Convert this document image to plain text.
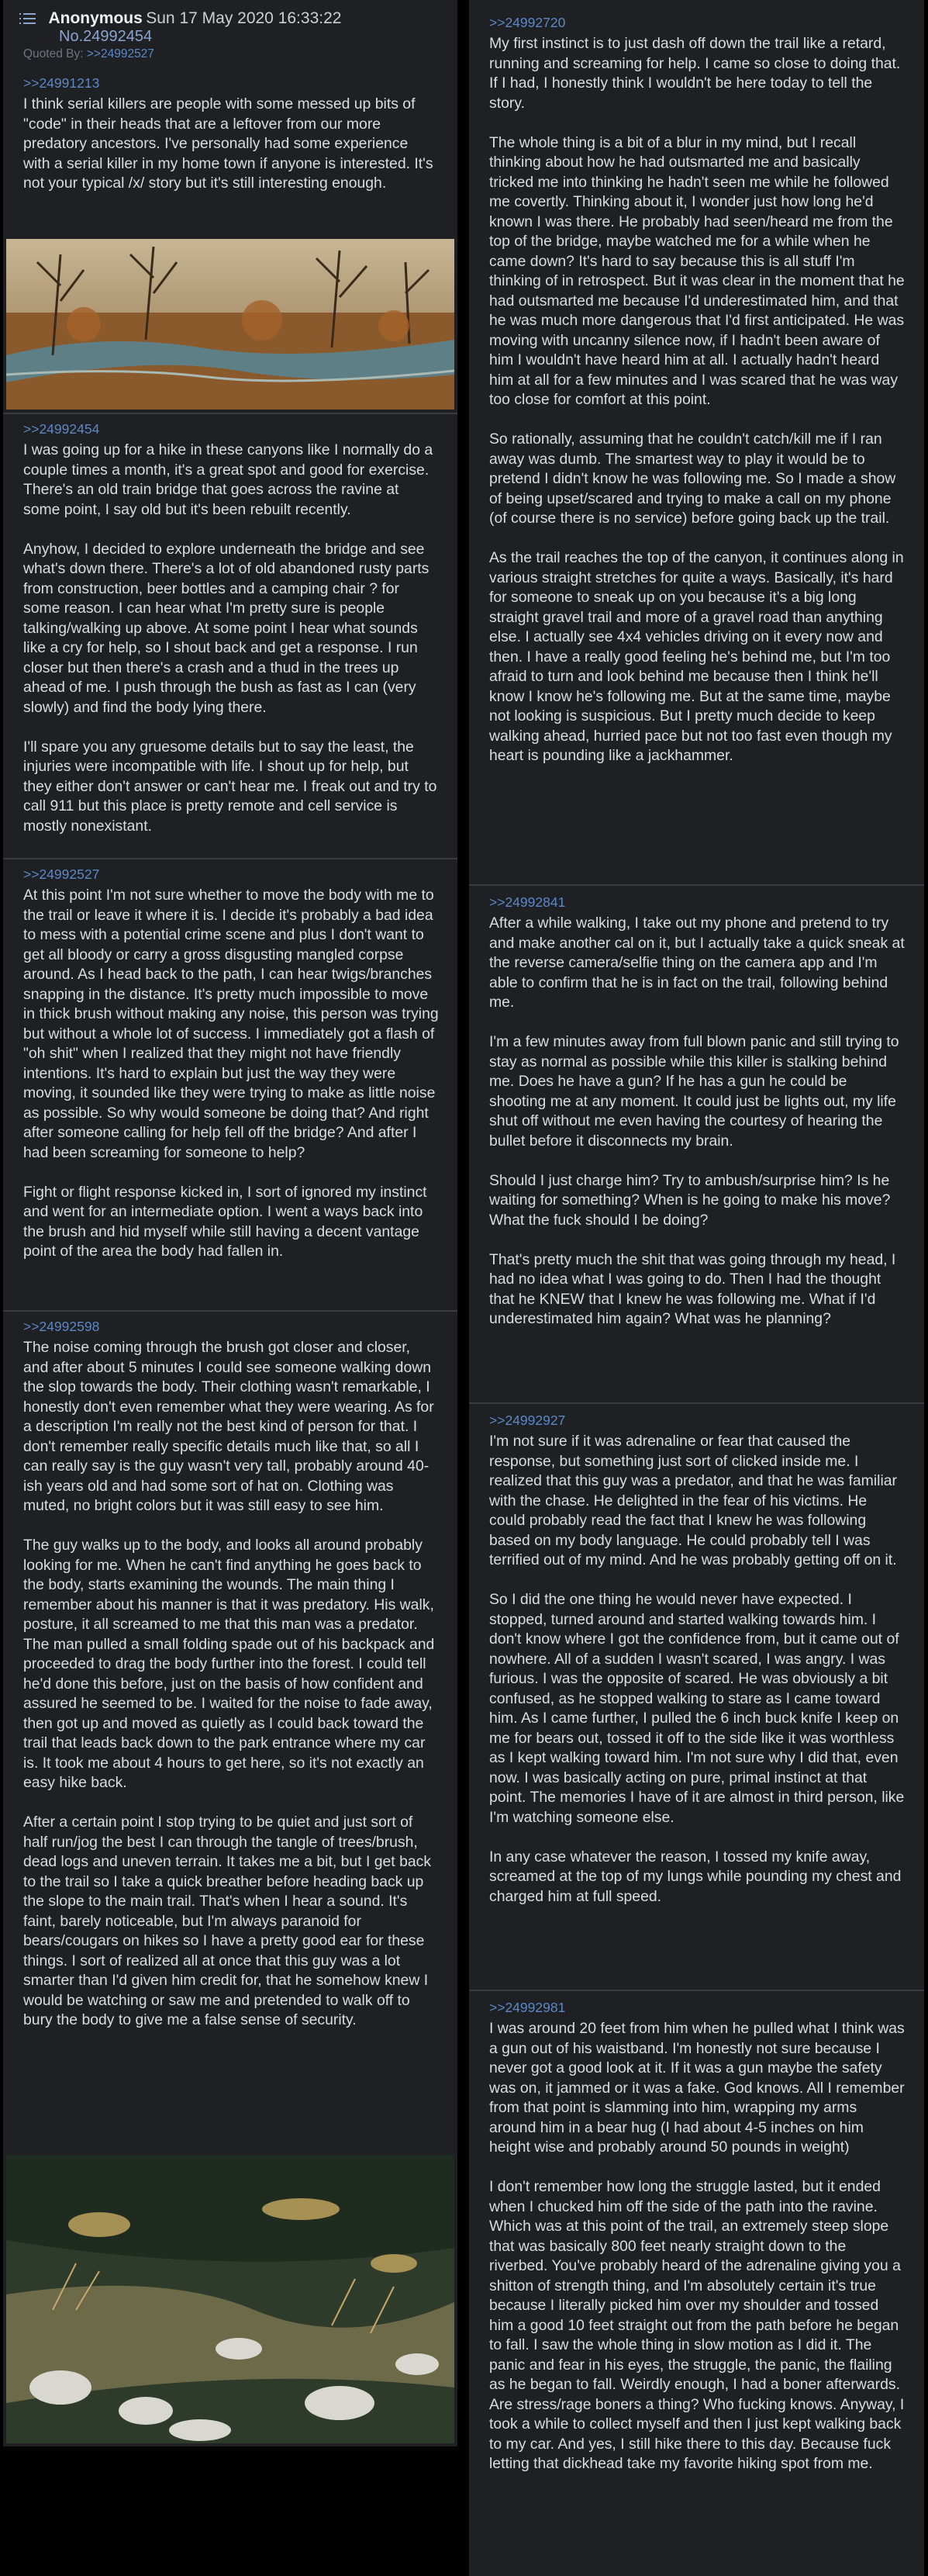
Anonymous Sun 17 May 2020 16:33:22
No.24992454
Quoted By: >>24992527
>>24991213
I think serial killers are people with some messed up bits of "code" in their heads that are a leftover from our more predatory ancestors. I've personally had some experience with a serial killer in my home town if anyone is interested. It's not your typical /x/ story but it's still interesting enough.
>>24992454
I was going up for a hike in these canyons like I normally do a couple times a month, it's a great spot and good for exercise. There's an old train bridge that goes across the ravine at some point, I say old but it's been rebuilt recently.

Anyhow, I decided to explore underneath the bridge and see what's down there. There's a lot of old abandoned rusty parts from construction, beer bottles and a camping chair ? for some reason. I can hear what I'm pretty sure is people talking/walking up above. At some point I hear what sounds like a cry for help, so I shout back and get a response. I run closer but then there's a crash and a thud in the trees up ahead of me. I push through the bush as fast as I can (very slowly) and find the body lying there.

I'll spare you any gruesome details but to say the least, the injuries were incompatible with life. I shout up for help, but they either don't answer or can't hear me. I freak out and try to call 911 but this place is pretty remote and cell service is mostly nonexistant.
>>24992527
At this point I'm not sure whether to move the body with me to the trail or leave it where it is. I decide it's probably a bad idea to mess with a potential crime scene and plus I don't want to get all bloody or carry a gross disgusting mangled corpse around. As I head back to the path, I can hear twigs/branches snapping in the distance. It's pretty much impossible to move in thick brush without making any noise, this person was trying but without a whole lot of success. I immediately got a flash of "oh shit" when I realized that they might not have friendly intentions. It's hard to explain but just the way they were moving, it sounded like they were trying to make as little noise as possible. So why would someone be doing that? And right after someone calling for help fell off the bridge? And after I had been screaming for someone to help?

Fight or flight response kicked in, I sort of ignored my instinct and went for an intermediate option. I went a ways back into the brush and hid myself while still having a decent vantage point of the area the body had fallen in.
>>24992598
The noise coming through the brush got closer and closer, and after about 5 minutes I could see someone walking down the slop towards the body. Their clothing wasn't remarkable, I honestly don't even remember what they were wearing. As for a description I'm really not the best kind of person for that. I don't remember really specific details much like that, so all I can really say is the guy wasn't very tall, probably around 40-ish years old and had some sort of hat on. Clothing was muted, no bright colors but it was still easy to see him.

The guy walks up to the body, and looks all around probably looking for me. When he can't find anything he goes back to the body, starts examining the wounds. The main thing I remember about his manner is that it was predatory. His walk, posture, it all screamed to me that this man was a predator. The man pulled a small folding spade out of his backpack and proceeded to drag the body further into the forest. I could tell he'd done this before, just on the basis of how confident and assured he seemed to be. I waited for the noise to fade away, then got up and moved as quietly as I could back toward the trail that leads back down to the park entrance where my car is. It took me about 4 hours to get here, so it's not exactly an easy hike back.

After a certain point I stop trying to be quiet and just sort of half run/jog the best I can through the tangle of trees/brush, dead logs and uneven terrain. It takes me a bit, but I get back to the trail so I take a quick breather before heading back up the slope to the main trail. That's when I hear a sound. It's faint, barely noticeable, but I'm always paranoid for bears/cougars on hikes so I have a pretty good ear for these things. I sort of realized all at once that this guy was a lot smarter than I'd given him credit for, that he somehow knew I would be watching or saw me and pretended to walk off to bury the body to give me a false sense of security.
>>24992720
My first instinct is to just dash off down the trail like a retard, running and screaming for help. I came so close to doing that. If I had, I honestly think I wouldn't be here today to tell the story.

The whole thing is a bit of a blur in my mind, but I recall thinking about how he had outsmarted me and basically tricked me into thinking he hadn't seen me while he followed me covertly. Thinking about it, I wonder just how long he'd known I was there. He probably had seen/heard me from the top of the bridge, maybe watched me for a while when he came down? It's hard to say because this is all stuff I'm thinking of in retrospect. But it was clear in the moment that he had outsmarted me because I'd underestimated him, and that he was much more dangerous that I'd first anticipated. He was moving with uncanny silence now, if I hadn't been aware of him I wouldn't have heard him at all. I actually hadn't heard him at all for a few minutes and I was scared that he was way too close for comfort at this point.

So rationally, assuming that he couldn't catch/kill me if I ran away was dumb. The smartest way to play it would be to pretend I didn't know he was following me. So I made a show of being upset/scared and trying to make a call on my phone (of course there is no service) before going back up the trail.

As the trail reaches the top of the canyon, it continues along in various straight stretches for quite a ways. Basically, it's hard for someone to sneak up on you because it's a big long straight gravel trail and more of a gravel road than anything else. I actually see 4x4 vehicles driving on it every now and then. I have a really good feeling he's behind me, but I'm too afraid to turn and look behind me because then I think he'll know I know he's following me. But at the same time, maybe not looking is suspicious. But I pretty much decide to keep walking ahead, hurried pace but not too fast even though my heart is pounding like a jackhammer.
>>24992841
After a while walking, I take out my phone and pretend to try and make another cal on it, but I actually take a quick sneak at the reverse camera/selfie thing on the camera app and I'm able to confirm that he is in fact on the trail, following behind me.

I'm a few minutes away from full blown panic and still trying to stay as normal as possible while this killer is stalking behind me. Does he have a gun? If he has a gun he could be shooting me at any moment. It could just be lights out, my life shut off without me even having the courtesy of hearing the bullet before it disconnects my brain.

Should I just charge him? Try to ambush/surprise him? Is he waiting for something? When is he going to make his move? What the fuck should I be doing?

That's pretty much the shit that was going through my head, I had no idea what I was going to do. Then I had the thought that he KNEW that I knew he was following me. What if I'd underestimated him again? What was he planning?
>>24992927
I'm not sure if it was adrenaline or fear that caused the response, but something just sort of clicked inside me. I realized that this guy was a predator, and that he was familiar with the chase. He delighted in the fear of his victims. He could probably read the fact that I knew he was following based on my body language. He could probably tell I was terrified out of my mind. And he was probably getting off on it.

So I did the one thing he would never have expected. I stopped, turned around and started walking towards him. I don't know where I got the confidence from, but it came out of nowhere. All of a sudden I wasn't scared, I was angry. I was furious. I was the opposite of scared. He was obviously a bit confused, as he stopped walking to stare as I came toward him. As I came further, I pulled the 6 inch buck knife I keep on me for bears out, tossed it off to the side like it was worthless as I kept walking toward him. I'm not sure why I did that, even now. I was basically acting on pure, primal instinct at that point. The memories I have of it are almost in third person, like I'm watching someone else.

In any case whatever the reason, I tossed my knife away, screamed at the top of my lungs while pounding my chest and charged him at full speed.
>>24992981
I was around 20 feet from him when he pulled what I think was a gun out of his waistband. I'm honestly not sure because I never got a good look at it. If it was a gun maybe the safety was on, it jammed or it was a fake. God knows. All I remember from that point is slamming into him, wrapping my arms around him in a bear hug (I had about 4-5 inches on him height wise and probably around 50 pounds in weight)

I don't remember how long the struggle lasted, but it ended when I chucked him off the side of the path into the ravine. Which was at this point of the trail, an extremely steep slope that was basically 800 feet nearly straight down to the riverbed. You've probably heard of the adrenaline giving you a shitton of strength thing, and I'm absolutely certain it's true because I literally picked him over my shoulder and tossed him a good 10 feet straight out from the path before he began to fall. I saw the whole thing in slow motion as I did it. The panic and fear in his eyes, the struggle, the panic, the flailing as he began to fall. Weirdly enough, I had a boner afterwards. Are stress/rage boners a thing? Who fucking knows. Anyway, I took a while to collect myself and then I just kept walking back to my car. And yes, I still hike there to this day. Because fuck letting that dickhead take my favorite hiking spot from me.
